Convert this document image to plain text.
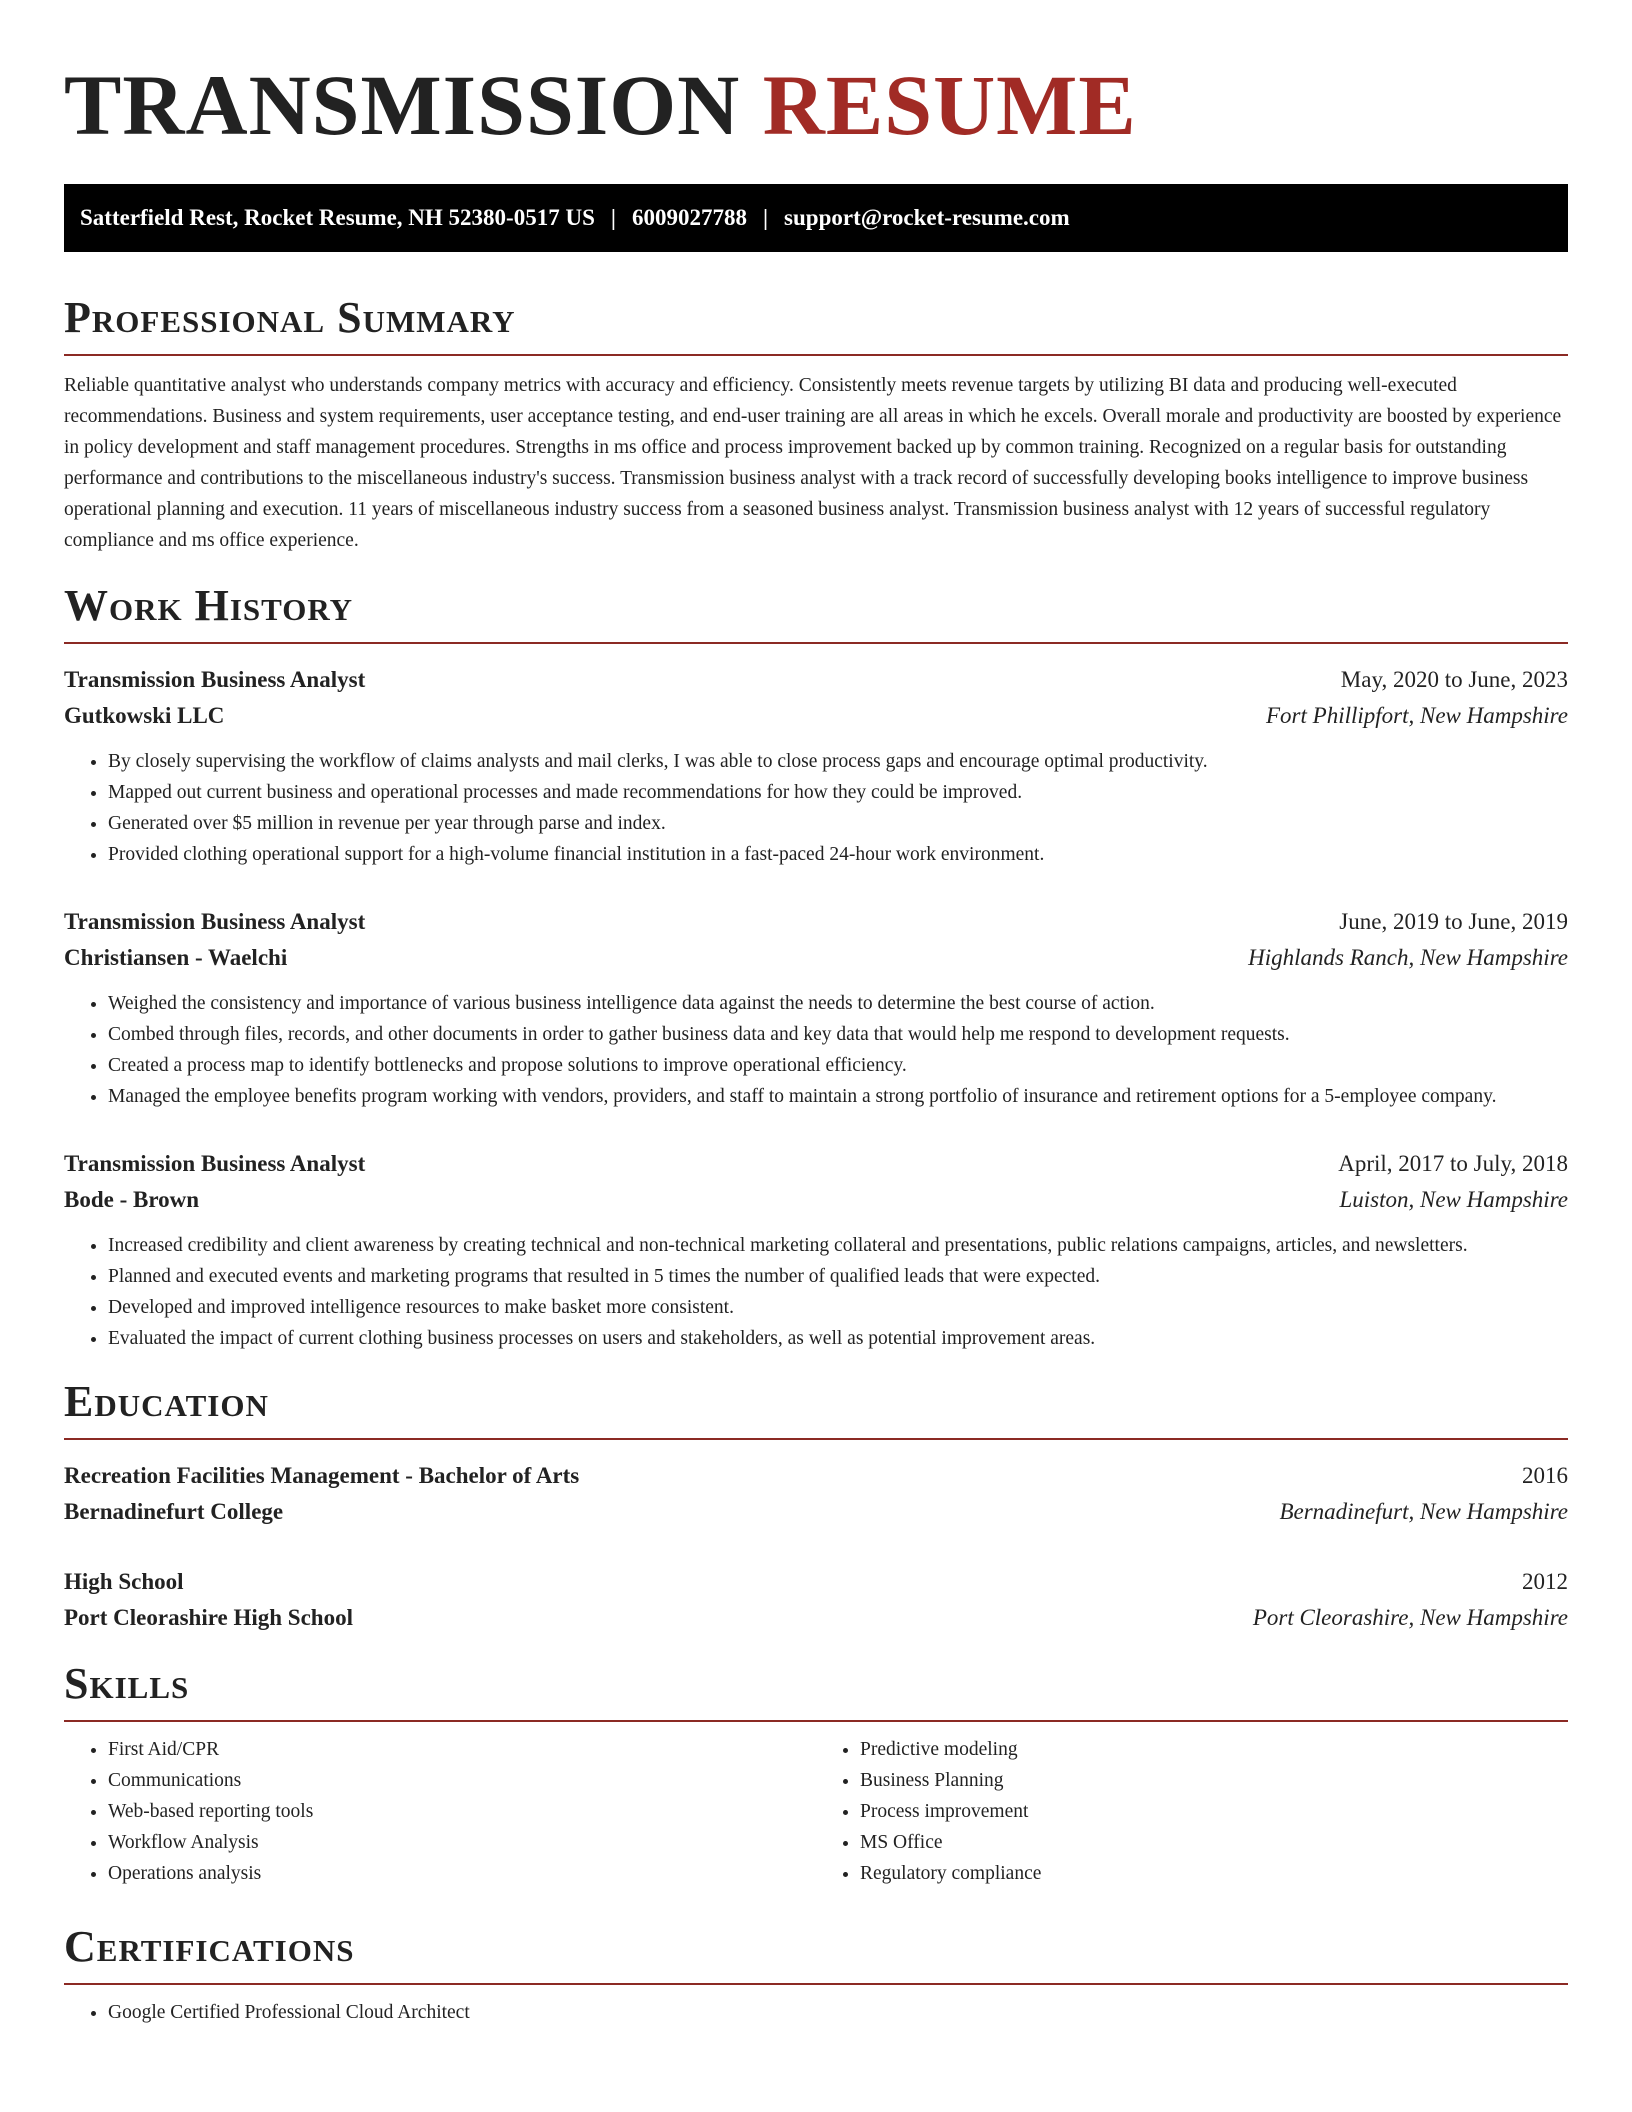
TRANSMISSION RESUME
Satterfield Rest, Rocket Resume, NH 52380-0517 US | 6009027788 | support@rocket-resume.com
Professional Summary

Reliable quantitative analyst who understands company metrics with accuracy and efficiency. Consistently meets revenue targets by utilizing BI data and producing well-executed recommendations. Business and system requirements, user acceptance testing, and end-user training are all areas in which he excels. Overall morale and productivity are boosted by experience in policy development and staff management procedures. Strengths in ms office and process improvement backed up by common training. Recognized on a regular basis for outstanding performance and contributions to the miscellaneous industry's success. Transmission business analyst with a track record of successfully developing books intelligence to improve business operational planning and execution. 11 years of miscellaneous industry success from a seasoned business analyst. Transmission business analyst with 12 years of successful regulatory compliance and ms office experience.

Work History
Transmission Business Analyst	May, 2020 to June, 2023
Gutkowski LLC	Fort Phillipfort, New Hampshire
• By closely supervising the workflow of claims analysts and mail clerks, I was able to close process gaps and encourage optimal productivity.
• Mapped out current business and operational processes and made recommendations for how they could be improved.
• Generated over $5 million in revenue per year through parse and index.
• Provided clothing operational support for a high-volume financial institution in a fast-paced 24-hour work environment.
Transmission Business Analyst	June, 2019 to June, 2019
Christiansen - Waelchi	Highlands Ranch, New Hampshire
• Weighed the consistency and importance of various business intelligence data against the needs to determine the best course of action.
• Combed through files, records, and other documents in order to gather business data and key data that would help me respond to development requests.
• Created a process map to identify bottlenecks and propose solutions to improve operational efficiency.
• Managed the employee benefits program working with vendors, providers, and staff to maintain a strong portfolio of insurance and retirement options for a 5-employee company.
Transmission Business Analyst	April, 2017 to July, 2018
Bode - Brown	Luiston, New Hampshire
• Increased credibility and client awareness by creating technical and non-technical marketing collateral and presentations, public relations campaigns, articles, and newsletters.
• Planned and executed events and marketing programs that resulted in 5 times the number of qualified leads that were expected.
• Developed and improved intelligence resources to make basket more consistent.
• Evaluated the impact of current clothing business processes on users and stakeholders, as well as potential improvement areas.
Education
Recreation Facilities Management - Bachelor of Arts	2016
Bernadinefurt College	Bernadinefurt, New Hampshire
High School	2012
Port Cleorashire High School	Port Cleorashire, New Hampshire
Skills
• First Aid/CPR
• Communications
• Web-based reporting tools
• Workflow Analysis
• Operations analysis
• Predictive modeling
• Business Planning
• Process improvement
• MS Office
• Regulatory compliance
Certifications
• Google Certified Professional Cloud Architect
